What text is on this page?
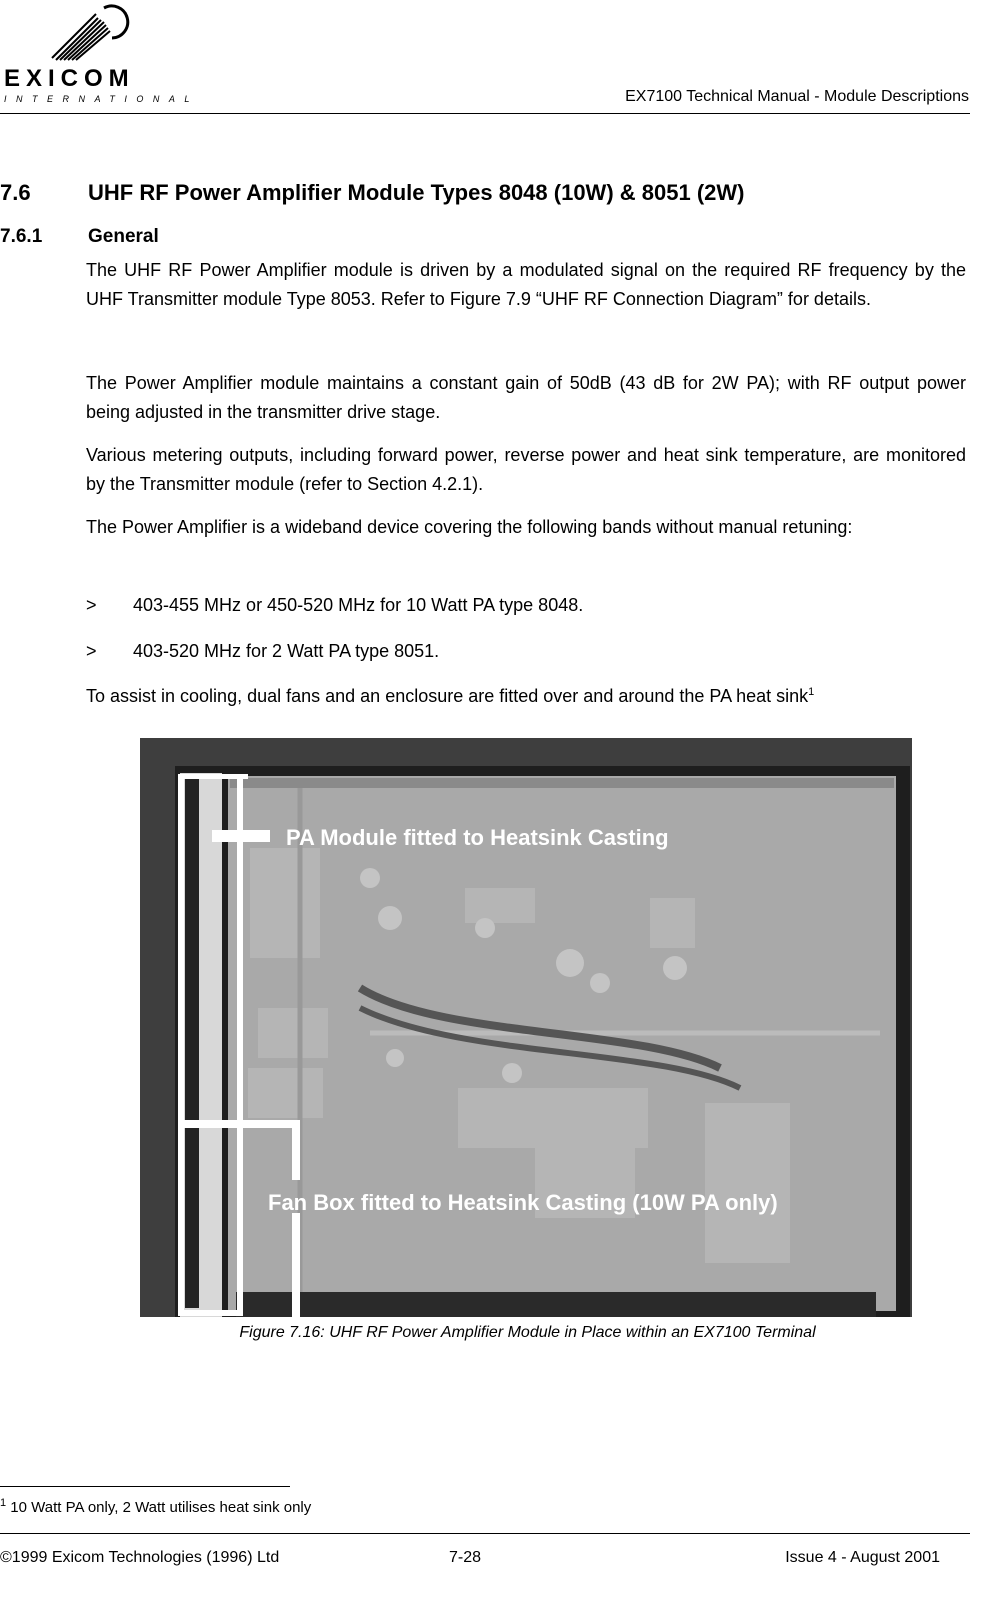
EXICOM
INTERNATIONAL	EX7100 Technical Manual - Module Descriptions
7.6	UHF RF Power Amplifier Module Types 8048 (10W) & 8051 (2W)
7.6.1 General
The UHF RF Power Amplifier module is driven by a modulated signal on the required RF frequency by the UHF Transmitter module Type 8053. Refer to Figure 7.9 “UHF RF Connection Diagram” for details.
The Power Amplifier module maintains a constant gain of 50dB (43 dB for 2W PA); with RF output power being adjusted in the transmitter drive stage.
Various metering outputs, including forward power, reverse power and heat sink temperature, are monitored by the Transmitter module (refer to Section 4.2.1).
The Power Amplifier is a wideband device covering the following bands without manual retuning:
> 403-455 MHz or 450-520 MHz for 10 Watt PA type 8048.
> 403-520 MHz for 2 Watt PA type 8051.
To assist in cooling, dual fans and an enclosure are fitted over and around the PA heat sink$^1$
PA Module fitted to Heatsink Casting
Fan Box fitted to Heatsink Casting (10W PA only)
Figure 7.16: UHF RF Power Amplifier Module in Place within an EX7100 Terminal
$^1$ 10 Watt PA only, 2 Watt utilises heat sink only
©1999 Exicom Technologies (1996) Ltd	7-28	Issue 4 - August 2001
